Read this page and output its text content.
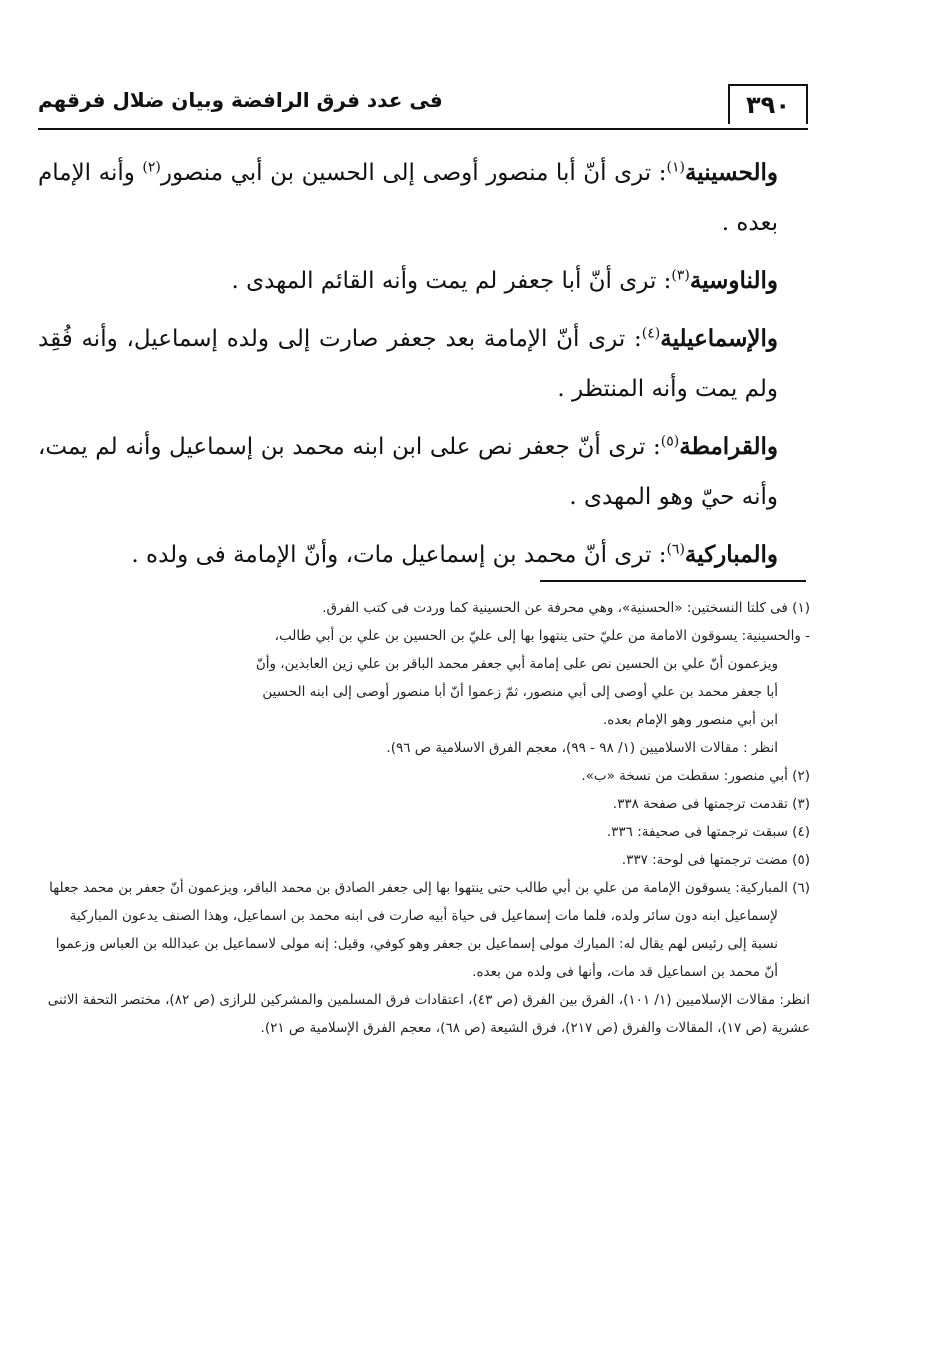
٣٩٠
فى عدد فرق الرافضة وبيان ضلال فرقهم

والحسينية$^{(١)}$: ترى أنّ أبا منصور أوصى إلى الحسين بن أبي منصور$^{(٢)}$ وأنه الإمام بعده .

والناوسية$^{(٣)}$: ترى أنّ أبا جعفر لم يمت وأنه القائم المهدى .

والإسماعيلية$^{(٤)}$: ترى أنّ الإمامة بعد جعفر صارت إلى ولده إسماعيل، وأنه فُقِد ولم يمت وأنه المنتظر .

والقرامطة$^{(٥)}$: ترى أنّ جعفر نص على ابن ابنه محمد بن إسماعيل وأنه لم يمت، وأنه حيّ وهو المهدى .

والمباركية$^{(٦)}$: ترى أنّ محمد بن إسماعيل مات، وأنّ الإمامة فى ولده .

(١) فى كلتا النسختين: «الحسنية»، وهي محرفة عن الحسينية كما وردت فى كتب الفرق.

- والحسينية: يسوقون الامامة من عليّ حتى ينتهوا بها إلى عليّ بن الحسين بن علي بن أبي طالب،

ويزعمون أنّ علي بن الحسين نص على إمامة أبي جعفر محمد الباقر بن علي زين العابدين، وأنّ

أبا جعفر محمد بن علي أوصى إلى أبي منصور، ثمّ زعموا أنّ أبا منصور أوصى إلى ابنه الحسين

ابن أبي منصور وهو الإمام بعده.

انظر : مقالات الاسلاميين (١/ ٩٨ - ٩٩)، معجم الفرق الاسلامية ص ٩٦).

(٢) أبي منصور: سقطت من نسخة «ب».

(٣) تقدمت ترجمتها فى صفحة ٣٣٨.

(٤) سبقت ترجمتها فى صحيفة: ٣٣٦.

(٥) مضت ترجمتها فى لوحة: ٣٣٧.

(٦) المباركية: يسوقون الإمامة من علي بن أبي طالب حتى ينتهوا بها إلى جعفر الصادق بن محمد الباقر، ويزعمون أنّ جعفر بن محمد جعلها لإسماعيل ابنه دون سائر ولده، فلما مات إسماعيل فى حياة أبيه صارت فى ابنه محمد بن اسماعيل، وهذا الصنف يدعون المباركية نسبة إلى رئيس لهم يقال له: المبارك مولى إسماعيل بن جعفر وهو كوفي، وقيل: إنه مولى لاسماعيل بن عبدالله بن العباس وزعموا أنّ محمد بن اسماعيل قد مات، وأنها فى ولده من بعده.

انظر: مقالات الإسلاميين (١/ ١٠١)، الفرق بين الفرق (ص ٤٣)، اعتقادات فرق المسلمين والمشركين للرازى (ص ٨٢)، مختصر التحفة الاثنى عشرية (ص ١٧)، المقالات والفرق (ص ٢١٧)، فرق الشيعة (ص ٦٨)، معجم الفرق الإسلامية ص ٢١).
